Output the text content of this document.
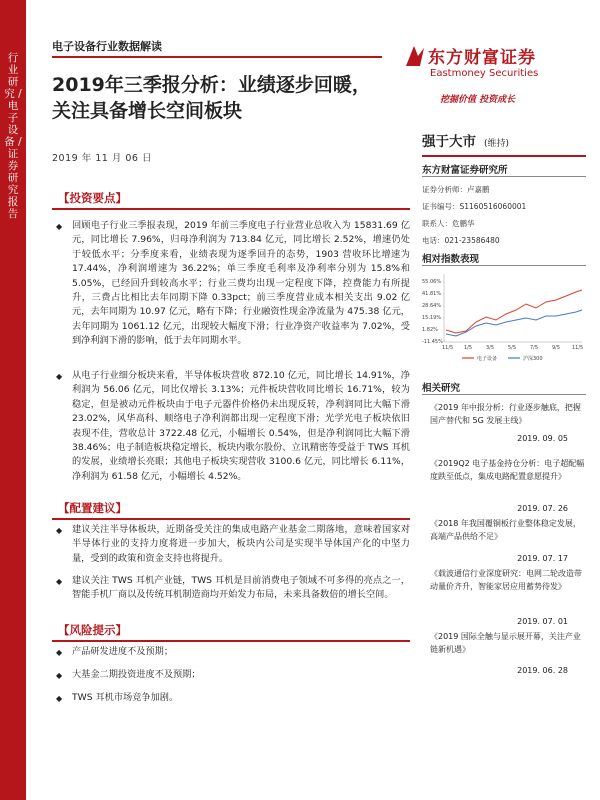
行业研究 / 电子设备 / 证券研究报告
电子设备行业数据解读
2019年三季报分析：业绩逐步回暖，关注具备增长空间板块
2019 年 11 月 06 日
东方财富证券
Eastmoney Securities
挖掘价值 投资成长
强于大市 (维持)
东方财富证券研究所
证券分析师：卢嘉鹏
证书编号：S1160516060001
联系人：危鹏华
电话：021-23586480
相对指数表现
55.06%
41.81%
28.64%
15.19%
1.82%
-11.45%
11/5 1/5	3/5	5/5	7/5	9/5 11/5
电子设备	沪深300
相关研究
《2019 年中报分析：行业逐步触底，把握国产替代和 5G 发展主线》
2019. 09. 05
《2019Q2 电子基金持仓分析：电子超配幅度跌至低点，集成电路配置意愿提升》
2019. 07. 26
《2018 年我国覆铜板行业整体稳定发展，高端产品供给不足》
2019. 07. 17
《载波通信行业深度研究：电网二轮改造带动量价齐升，智能家居应用蓄势待发》
2019. 07. 01
《2019 国际全触与显示展开幕，关注产业链新机遇》
2019. 06. 28
【投资要点】
◆ 回顾电子行业三季报表现，2019 年前三季度电子行业营业总收入为 15831.69 亿元，同比增长 7.96%，归母净利润为 713.84 亿元，同比增长 2.52%，增速仍处于较低水平；分季度来看，业绩表现为逐季回升的态势，1903 营收环比增速为 17.44%，净利润增速为 36.22%；单三季度毛利率及净利率分别为 15.8%和 5.05%，已经回升到较高水平；行业三费均出现一定程度下降，控费能力有所提升，三费占比相比去年同期下降 0.33pct；前三季度营业成本相关支出 9.02 亿元，去年同期为 10.97 亿元，略有下降；行业融资性现金净流量为 475.38 亿元，去年同期为 1061.12 亿元，出现较大幅度下滑；行业净资产收益率为 7.02%，受到净利润下滑的影响，低于去年同期水平。
◆ 从电子行业细分板块来看，半导体板块营收 872.10 亿元，同比增长 14.91%，净利润为 56.06 亿元，同比仅增长 3.13%；元件板块营收同比增长 16.71%，较为稳定，但是被动元件板块由于电子元器件价格仍未出现反转，净利润同比大幅下滑 23.02%，风华高科、顺络电子净利润都出现一定程度下滑；光学光电子板块依旧表现不佳，营收总计 3722.48 亿元，小幅增长 0.54%，但是净利润同比大幅下滑 38.46%；电子制造板块稳定增长，板块内歌尔股份、立讯精密等受益于 TWS 耳机的发展，业绩增长亮眼；其他电子板块实现营收 3100.6 亿元，同比增长 6.11%，净利润为 61.58 亿元，小幅增长 4.52%。
【配置建议】
◆ 建议关注半导体板块，近期备受关注的集成电路产业基金二期落地，意味着国家对半导体行业的支持力度将进一步加大，板块内公司是实现半导体国产化的中坚力量，受到的政策和资金支持也将提升。
◆ 建议关注 TWS 耳机产业链，TWS 耳机是目前消费电子领域不可多得的亮点之一，智能手机厂商以及传统耳机制造商均开始发力布局，未来具备数倍的增长空间。
【风险提示】
◆ 产品研发进度不及预期；
◆ 大基金二期投资进度不及预期；
◆ TWS 耳机市场竞争加剧。
